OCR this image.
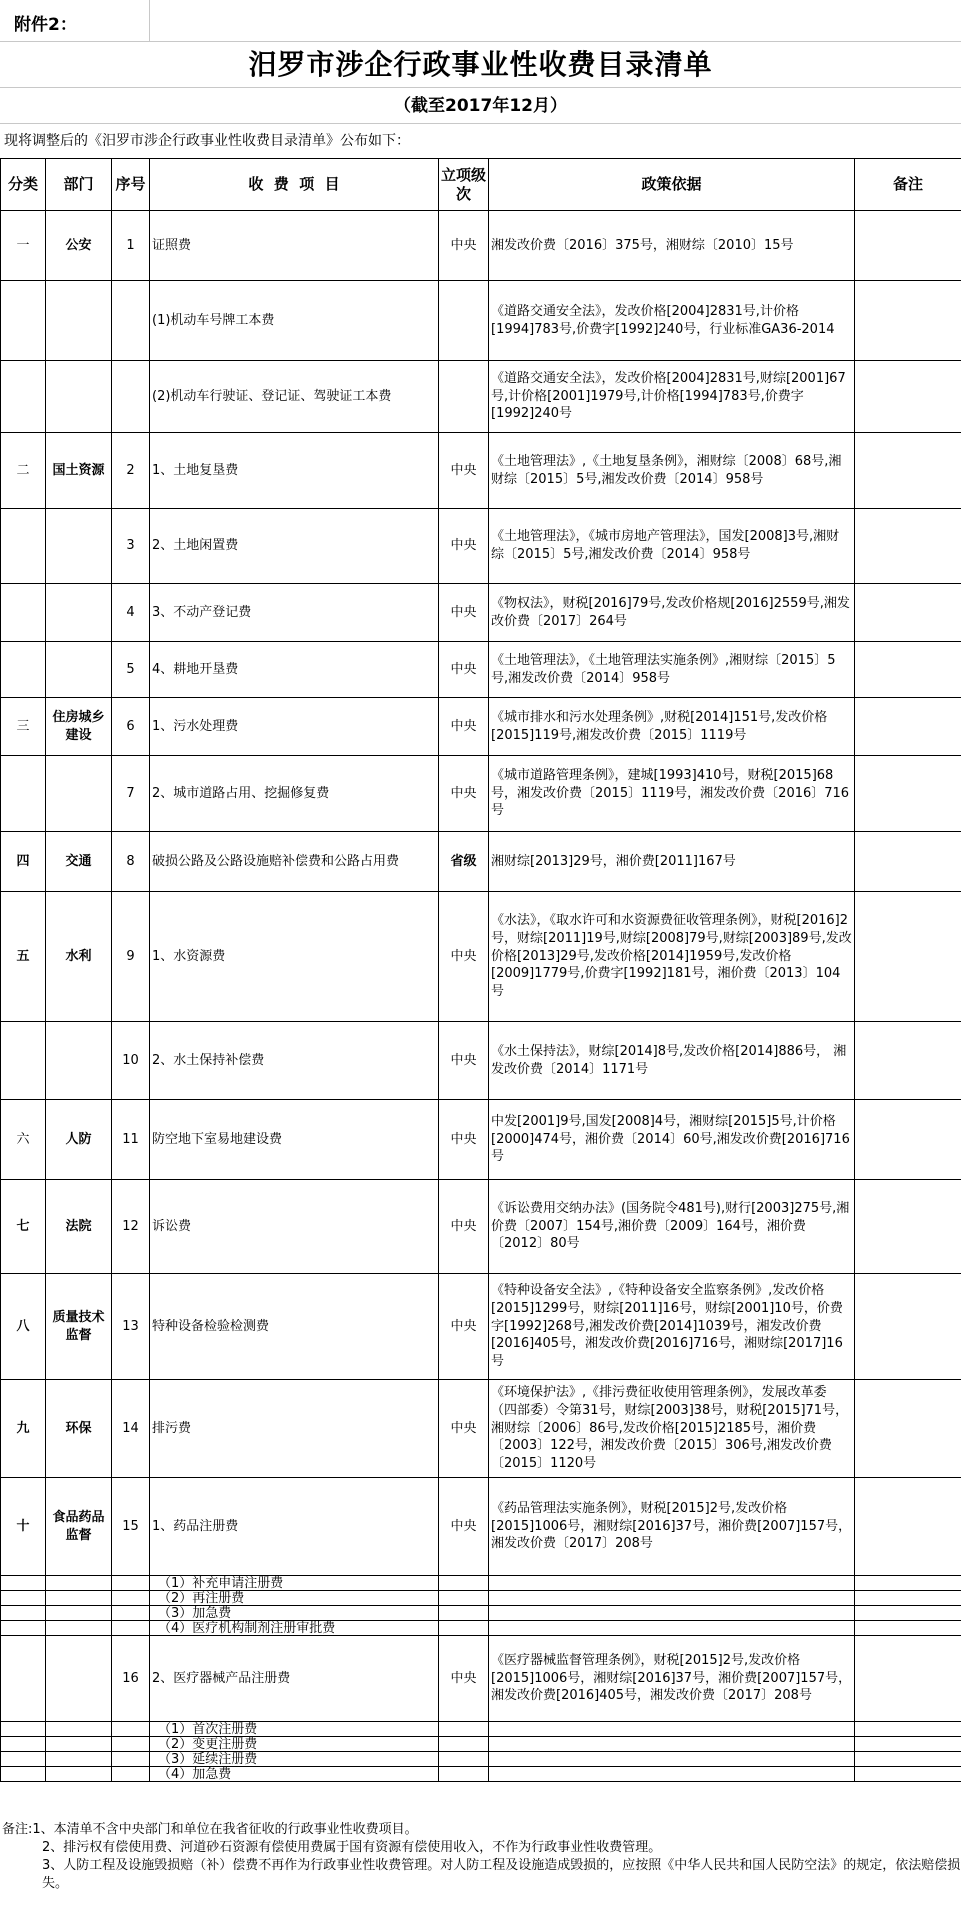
附件2：
汨罗市涉企行政事业性收费目录清单
（截至2017年12月）
现将调整后的《汨罗市涉企行政事业性收费目录清单》公布如下：
分类	部门	序号	收  费  项  目	立项级次	政策依据	备注
一	公安	1	证照费	中央	湘发改价费〔2016〕375号，湘财综〔2010〕15号	
			(1)机动车号牌工本费		《道路交通安全法》，发改价格[2004]2831号,计价格[1994]783号,价费字[1992]240号，行业标准GA36-2014	
			(2)机动车行驶证、登记证、驾驶证工本费		《道路交通安全法》，发改价格[2004]2831号,财综[2001]67号,计价格[2001]1979号,计价格[1994]783号,价费字[1992]240号	
二	国土资源	2	1、土地复垦费	中央	《土地管理法》,《土地复垦条例》，湘财综〔2008〕68号,湘财综〔2015〕5号,湘发改价费〔2014〕958号	
		3	2、土地闲置费	中央	《土地管理法》，《城市房地产管理法》，国发[2008]3号,湘财综〔2015〕5号,湘发改价费〔2014〕958号	
		4	3、不动产登记费	中央	《物权法》，财税[2016]79号,发改价格规[2016]2559号,湘发改价费〔2017〕264号	
		5	4、耕地开垦费	中央	《土地管理法》，《土地管理法实施条例》,湘财综〔2015〕5号,湘发改价费〔2014〕958号	
三	住房城乡建设	6	1、污水处理费	中央	《城市排水和污水处理条例》,财税[2014]151号,发改价格[2015]119号,湘发改价费〔2015〕1119号	
		7	2、城市道路占用、挖掘修复费	中央	《城市道路管理条例》，建城[1993]410号，财税[2015]68号，湘发改价费〔2015〕1119号，湘发改价费〔2016〕716号	
四	交通	8	破损公路及公路设施赔补偿费和公路占用费	省级	湘财综[2013]29号，湘价费[2011]167号	
五	水利	9	1、水资源费	中央	《水法》，《取水许可和水资源费征收管理条例》，财税[2016]2号，财综[2011]19号,财综[2008]79号,财综[2003]89号,发改价格[2013]29号,发改价格[2014]1959号,发改价格[2009]1779号,价费字[1992]181号，湘价费〔2013〕104号	
		10	2、水土保持补偿费	中央	《水土保持法》，财综[2014]8号,发改价格[2014]886号， 湘发改价费〔2014〕1171号	
六	人防	11	防空地下室易地建设费	中央	中发[2001]9号,国发[2008]4号，湘财综[2015]5号,计价格[2000]474号，湘价费〔2014〕60号,湘发改价费[2016]716号	
七	法院	12	诉讼费	中央	《诉讼费用交纳办法》(国务院令481号),财行[2003]275号,湘价费〔2007〕154号,湘价费〔2009〕164号，湘价费〔2012〕80号	
八	质量技术监督	13	特种设备检验检测费	中央	《特种设备安全法》,《特种设备安全监察条例》,发改价格[2015]1299号，财综[2011]16号，财综[2001]10号，价费字[1992]268号,湘发改价费[2014]1039号，湘发改价费[2016]405号，湘发改价费[2016]716号，湘财综[2017]16号	
九	环保	14	排污费	中央	《环境保护法》,《排污费征收使用管理条例》，发展改革委（四部委）令第31号，财综[2003]38号，财税[2015]71号， 湘财综〔2006〕86号,发改价格[2015]2185号，湘价费〔2003〕122号，湘发改价费〔2015〕306号,湘发改价费〔2015〕1120号	
十	食品药品监督	15	1、药品注册费	中央	《药品管理法实施条例》，财税[2015]2号,发改价格[2015]1006号，湘财综[2016]37号，湘价费[2007]157号，湘发改价费〔2017〕208号	
			（1）补充申请注册费			
			（2）再注册费			
			（3）加急费			
			（4）医疗机构制剂注册审批费			
		16	2、医疗器械产品注册费	中央	《医疗器械监督管理条例》，财税[2015]2号,发改价格[2015]1006号，湘财综[2016]37号，湘价费[2007]157号，湘发改价费[2016]405号，湘发改价费〔2017〕208号	
			（1）首次注册费			
			（2）变更注册费			
			（3）延续注册费			
			（4）加急费			

备注:1、本清单不含中央部门和单位在我省征收的行政事业性收费项目。

2、排污权有偿使用费、河道砂石资源有偿使用费属于国有资源有偿使用收入，不作为行政事业性收费管理。

3、人防工程及设施毁损赔（补）偿费不再作为行政事业性收费管理。对人防工程及设施造成毁损的，应按照《中华人民共和国人民防空法》的规定，依法赔偿损失。
